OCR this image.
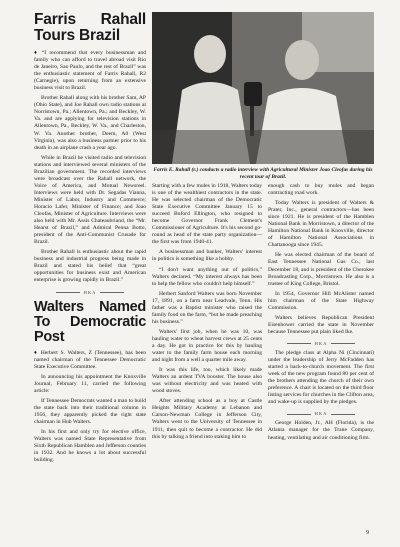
Farris Rahall Tours Brazil

♦ “I recommend that every businessman and family who can afford to travel abroad visit Rio de Janeiro, Sao Paulo, and the rest of Brazil” was the enthusiastic statement of Farris Rahall, R2 (Carnegie), upon returning from an extensive business visit to Brazil.

Brother Rahall along with his brother Sam, AP (Ohio State), and Joe Rahall own radio stations at Norristown, Pa.; Allentown, Pa.; and Beckley, W. Va. and are applying for television stations in Allentown, Pa., Beckley, W. Va., and Charleston, W. Va. Another brother, Deem, A0 (West Virginia), was also a business partner prior to his death in an airplane crash a year ago.

While in Brazil he visited radio and television stations and interviewed several ministers of the Brazilian government. The recorded interviews were broadcast over the Rahall network, the Voice of America, and Mutual Newsreel. Interviews were held with Dr. Segadas Vianna, Minister of Labor, Industry and Commerce; Horacio Lafer, Minister of Finance; and Joao Cleofas, Minister of Agriculture. Interviews were also held with Mr. Assis Chateaubriand, the “Mr. Hearst of Brazil,” and Admiral Penna Botto, president of the Anti-Communist Crusade for Brazil.

Brother Rahall is enthusiastic about the rapid business and industrial progress being made in Brazil and stated his belief that “great opportunities for business exist and American enterprise is growing rapidly in Brazil.”

HKA
Walters Named To Democratic Post

♦ Herbert S. Walters, Z (Tennessee), has been named chairman of the Tennessee Democratic State Executive Committee.

In announcing his appointment the Knoxville Journal, February 11, carried the following article:

If Tennessee Democrats wanted a man to build the state back into their traditional column in 1956, they apparently picked the right state chairman in Hub Walters.

In his first and only try for elective office, Walters was named State Representative from Sixth Republican Hamblen and Jefferson counties in 1932. And he knows a lot about successful building.

Farris E. Rahall (r.) conducts a radio interview with Agricultural Minister Joao Cleofas during his recent tour of Brazil.

Starting with a few mules in 1918, Walters today is one of the wealthiest contractors in the state. He was selected chairman of the Democratic State Executive Committee January 15 to succeed Buford Ellington, who resigned to become Governor Frank Clement's Commissioner of Agriculture. It's his second go-round as head of the state party organization—the first was from 1940-41.

A businessman and banker, Walters' interest in politics is something like a hobby.

“I don't want anything out of politics,” Walters declared. “My interest always has been to help the fellow who couldn't help himself.”

Herbert Sanford Walters was born November 17, 1891, on a farm near Leadvale, Tenn. His father was a Baptist minister who raised the family food on the farm, “but he made preaching his business.”

Walters' first job, when he was 10, was hauling water to wheat harvest crews at 25 cents a day. He got in practice for this by hauling water to the family farm house each morning and night from a well a quarter mile away.

It was this life, too, which likely made Walters an ardent TVA booster. The house also was without electricity and was heated with wood stoves.

After attending school as a boy at Castle Heights Military Academy at Lebanon and Carson-Newman College in Jefferson City, Walters went to the University of Tennessee in 1911, then quit to become a contractor. He did this by talking a friend into staking him to

enough cash to buy mules and began contracting road work.

Today Walters is president of Walters & Prater, Inc., general contractors—has been since 1921. He is president of the Hamblen National Bank in Morristown, a director of the Hamilton National Bank in Knoxville, director of Hamilton National Associations in Chattanooga since 1945.

He was elected chairman of the board of East Tennessee National Gas Co., last December 18, and is president of the Cherokee Broadcasting Corp., Morristown. He also is a trustee of King College, Bristol.

In 1954, Governor Hill McAlister named him chairman of the State Highway Commission.

Walters believes Republican President Eisenhower carried the state in November because Tennessee put plain liked Ike.

HKA

The pledge class at Alpha Ni (Cincinnati) under the leadership of Jerry McFadden has started a back-to-church movement. The first week of the new program found 80 per cent of the brothers attending the church of their own preference. A chart is located on the third floor listing services for churches in the Clifton area, and wake-up is supplied by the pledges.

HKA

George Holden, Jr., AH (Florida), is the Atlanta manager for the Trane Company, heating, ventilating and air conditioning firm.

9
